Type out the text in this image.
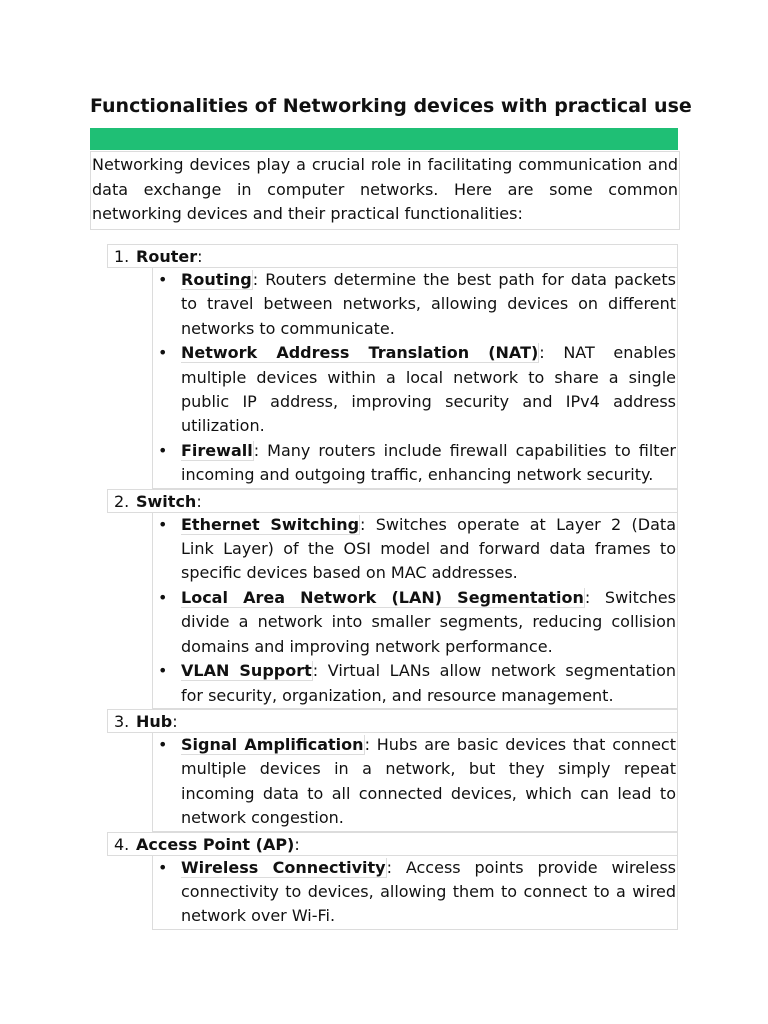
Functionalities of Networking devices with practical use

Networking devices play a crucial role in facilitating communication and data exchange in computer networks. Here are some common networking devices and their practical functionalities:

1. Router:
• Routing: Routers determine the best path for data packets to travel between networks, allowing devices on different networks to communicate.
• Network Address Translation (NAT): NAT enables multiple devices within a local network to share a single public IP address, improving security and IPv4 address utilization.
• Firewall: Many routers include firewall capabilities to filter incoming and outgoing traffic, enhancing network security.
2. Switch:
• Ethernet Switching: Switches operate at Layer 2 (Data Link Layer) of the OSI model and forward data frames to specific devices based on MAC addresses.
• Local Area Network (LAN) Segmentation: Switches divide a network into smaller segments, reducing collision domains and improving network performance.
• VLAN Support: Virtual LANs allow network segmentation for security, organization, and resource management.
3. Hub:
• Signal Amplification: Hubs are basic devices that connect multiple devices in a network, but they simply repeat incoming data to all connected devices, which can lead to network congestion.
4. Access Point (AP):
• Wireless Connectivity: Access points provide wireless connectivity to devices, allowing them to connect to a wired network over Wi-Fi.
